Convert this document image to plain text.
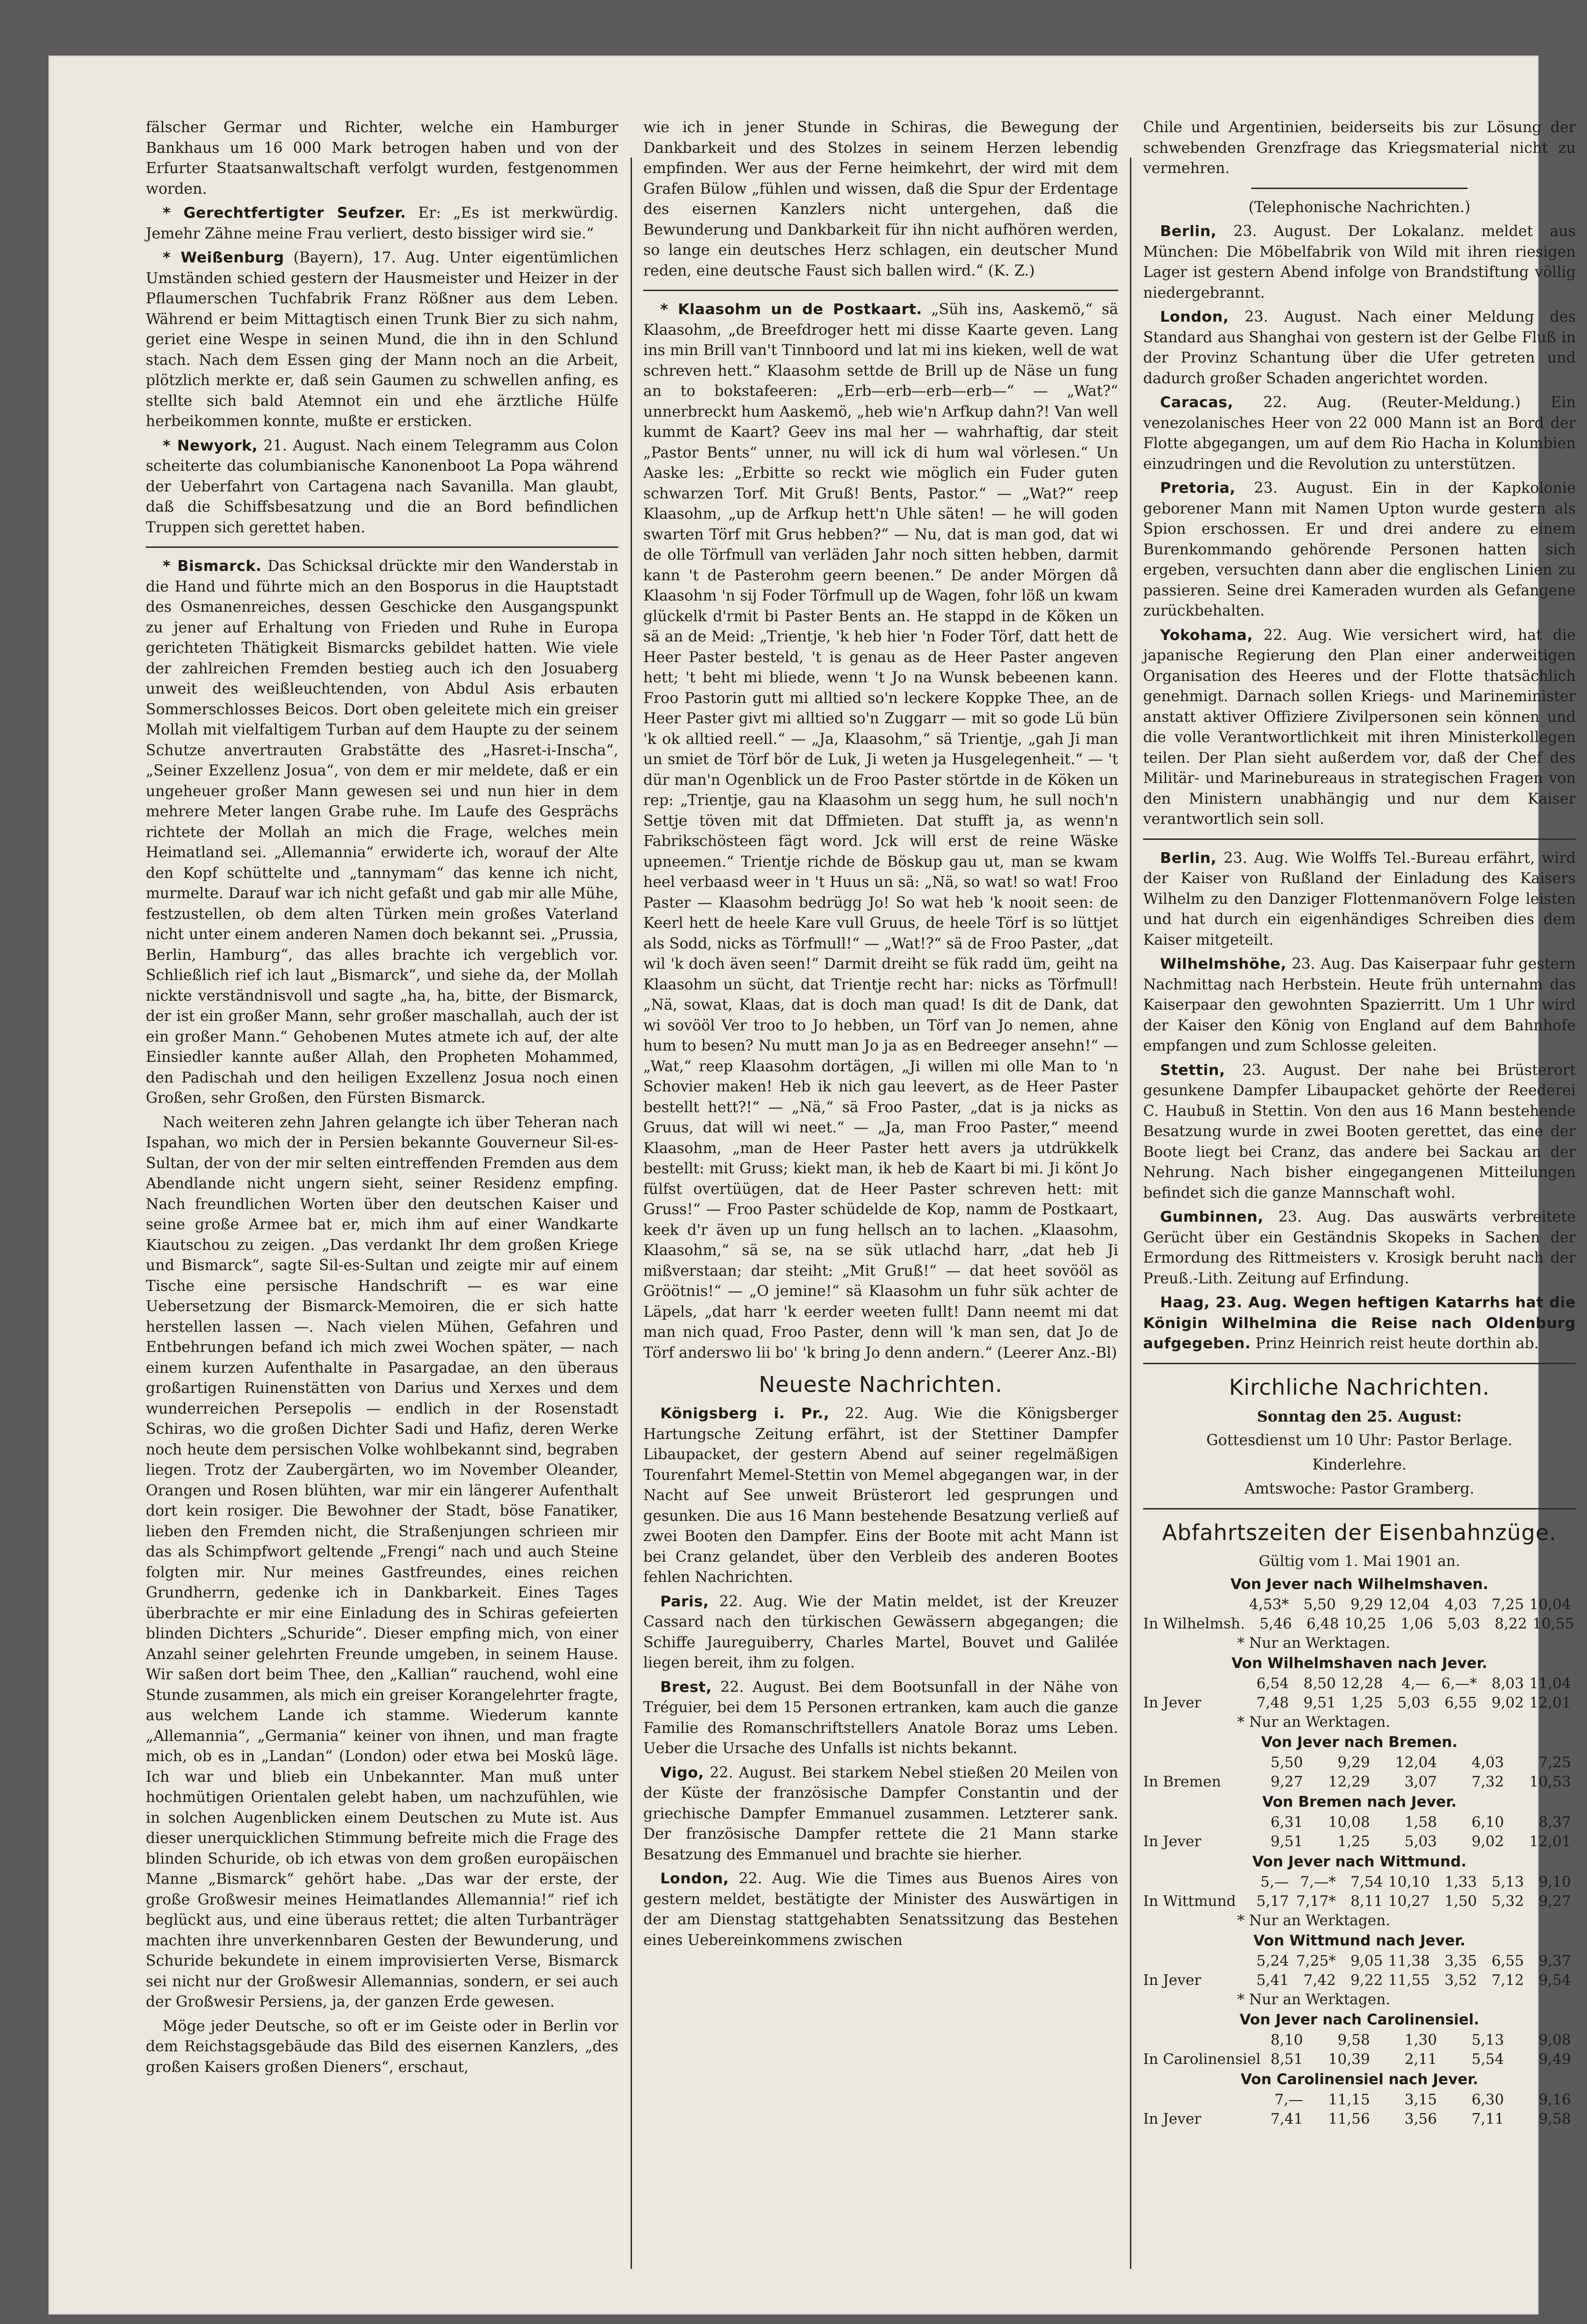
fälscher Germar und Richter, welche ein Hamburger Bankhaus um 16 000 Mark betrogen haben und von der Erfurter Staatsanwaltschaft verfolgt wurden, festgenommen worden.

* Gerechtfertigter Seufzer. Er: „Es ist merkwürdig. Jemehr Zähne meine Frau verliert, desto bissiger wird sie.“

* Weißenburg (Bayern), 17. Aug. Unter eigentümlichen Umständen schied gestern der Hausmeister und Heizer in der Pflaumerschen Tuchfabrik Franz Rößner aus dem Leben. Während er beim Mittagtisch einen Trunk Bier zu sich nahm, geriet eine Wespe in seinen Mund, die ihn in den Schlund stach. Nach dem Essen ging der Mann noch an die Arbeit, plötzlich merkte er, daß sein Gaumen zu schwellen anfing, es stellte sich bald Atemnot ein und ehe ärztliche Hülfe herbeikommen konnte, mußte er ersticken.

* Newyork, 21. August. Nach einem Telegramm aus Colon scheiterte das columbianische Kanonenboot La Popa während der Ueberfahrt von Cartagena nach Savanilla. Man glaubt, daß die Schiffsbesatzung und die an Bord befindlichen Truppen sich gerettet haben.

* Bismarck. Das Schicksal drückte mir den Wanderstab in die Hand und führte mich an den Bosporus in die Hauptstadt des Osmanenreiches, dessen Geschicke den Ausgangspunkt zu jener auf Erhaltung von Frieden und Ruhe in Europa gerichteten Thätigkeit Bismarcks gebildet hatten. Wie viele der zahlreichen Fremden bestieg auch ich den Josuaberg unweit des weißleuchtenden, von Abdul Asis erbauten Sommerschlosses Beicos. Dort oben geleitete mich ein greiser Mollah mit vielfaltigem Turban auf dem Haupte zu der seinem Schutze anvertrauten Grabstätte des „Hasret-i-Inscha“, „Seiner Exzellenz Josua“, von dem er mir meldete, daß er ein ungeheuer großer Mann gewesen sei und nun hier in dem mehrere Meter langen Grabe ruhe. Im Laufe des Gesprächs richtete der Mollah an mich die Frage, welches mein Heimatland sei. „Allemannia“ erwiderte ich, worauf der Alte den Kopf schüttelte und „tannymam“ das kenne ich nicht, murmelte. Darauf war ich nicht gefaßt und gab mir alle Mühe, festzustellen, ob dem alten Türken mein großes Vaterland nicht unter einem anderen Namen doch bekannt sei. „Prussia, Berlin, Hamburg“, das alles brachte ich vergeblich vor. Schließlich rief ich laut „Bismarck“, und siehe da, der Mollah nickte verständnisvoll und sagte „ha, ha, bitte, der Bismarck, der ist ein großer Mann, sehr großer maschallah, auch der ist ein großer Mann.“ Gehobenen Mutes atmete ich auf, der alte Einsiedler kannte außer Allah, den Propheten Mohammed, den Padischah und den heiligen Exzellenz Josua noch einen Großen, sehr Großen, den Fürsten Bismarck.

Nach weiteren zehn Jahren gelangte ich über Teheran nach Ispahan, wo mich der in Persien bekannte Gouverneur Sil-es-Sultan, der von der mir selten eintreffenden Fremden aus dem Abendlande nicht ungern sieht, seiner Residenz empfing. Nach freundlichen Worten über den deutschen Kaiser und seine große Armee bat er, mich ihm auf einer Wandkarte Kiautschou zu zeigen. „Das verdankt Ihr dem großen Kriege und Bismarck“, sagte Sil-es-Sultan und zeigte mir auf einem Tische eine persische Handschrift — es war eine Uebersetzung der Bismarck-Memoiren, die er sich hatte herstellen lassen —. Nach vielen Mühen, Gefahren und Entbehrungen befand ich mich zwei Wochen später, — nach einem kurzen Aufenthalte in Pasargadae, an den überaus großartigen Ruinenstätten von Darius und Xerxes und dem wunderreichen Persepolis — endlich in der Rosenstadt Schiras, wo die großen Dichter Sadi und Hafiz, deren Werke noch heute dem persischen Volke wohlbekannt sind, begraben liegen. Trotz der Zaubergärten, wo im November Oleander, Orangen und Rosen blühten, war mir ein längerer Aufenthalt dort kein rosiger. Die Bewohner der Stadt, böse Fanatiker, lieben den Fremden nicht, die Straßenjungen schrieen mir das als Schimpfwort geltende „Frengi“ nach und auch Steine folgten mir. Nur meines Gastfreundes, eines reichen Grundherrn, gedenke ich in Dankbarkeit. Eines Tages überbrachte er mir eine Einladung des in Schiras gefeierten blinden Dichters „Schuride“. Dieser empfing mich, von einer Anzahl seiner gelehrten Freunde umgeben, in seinem Hause. Wir saßen dort beim Thee, den „Kallian“ rauchend, wohl eine Stunde zusammen, als mich ein greiser Korangelehrter fragte, aus welchem Lande ich stamme. Wiederum kannte „Allemannia“, „Germania“ keiner von ihnen, und man fragte mich, ob es in „Landan“ (London) oder etwa bei Moskû läge. Ich war und blieb ein Unbekannter. Man muß unter hochmütigen Orientalen gelebt haben, um nachzufühlen, wie in solchen Augenblicken einem Deutschen zu Mute ist. Aus dieser unerquicklichen Stimmung befreite mich die Frage des blinden Schuride, ob ich etwas von dem großen europäischen Manne „Bismarck“ gehört habe. „Das war der erste, der große Großwesir meines Heimatlandes Allemannia!“ rief ich beglückt aus, und eine überaus rettet; die alten Turbanträger machten ihre unverkennbaren Gesten der Bewunderung, und Schuride bekundete in einem improvisierten Verse, Bismarck sei nicht nur der Großwesir Allemannias, sondern, er sei auch der Großwesir Persiens, ja, der ganzen Erde gewesen.

Möge jeder Deutsche, so oft er im Geiste oder in Berlin vor dem Reichstagsgebäude das Bild des eisernen Kanzlers, „des großen Kaisers großen Dieners“, erschaut,

wie ich in jener Stunde in Schiras, die Bewegung der Dankbarkeit und des Stolzes in seinem Herzen lebendig empfinden. Wer aus der Ferne heimkehrt, der wird mit dem Grafen Bülow „fühlen und wissen, daß die Spur der Erdentage des eisernen Kanzlers nicht untergehen, daß die Bewunderung und Dankbarkeit für ihn nicht aufhören werden, so lange ein deutsches Herz schlagen, ein deutscher Mund reden, eine deutsche Faust sich ballen wird.“ (K. Z.)

* Klaasohm un de Postkaart. „Süh ins, Aaskemö,“ sä Klaasohm, „de Breefdroger hett mi disse Kaarte geven. Lang ins min Brill van't Tinnboord und lat mi ins kieken, well de wat schreven hett.“ Klaasohm settde de Brill up de Näse un fung an to bokstafeeren: „Erb—erb—erb—erb—“ — „Wat?“ unnerbreckt hum Aaskemö, „heb wie'n Arfkup dahn?! Van well kummt de Kaart? Geev ins mal her — wahrhaftig, dar steit „Pastor Bents“ unner, nu will ick di hum wal vörlesen.“ Un Aaske les: „Erbitte so reckt wie möglich ein Fuder guten schwarzen Torf. Mit Gruß! Bents, Pastor.“ — „Wat?“ reep Klaasohm, „up de Arfkup hett'n Uhle säten! — he will goden swarten Törf mit Grus hebben?“ — Nu, dat is man god, dat wi de olle Törfmull van verläden Jahr noch sitten hebben, darmit kann 't de Pasterohm geern beenen.“ De ander Mörgen då Klaasohm 'n sij Foder Törfmull up de Wagen, fohr löß un kwam glückelk d'rmit bi Paster Bents an. He stappd in de Köken un sä an de Meid: „Trientje, 'k heb hier 'n Foder Törf, datt hett de Heer Paster besteld, 't is genau as de Heer Paster angeven hett; 't beht mi bliede, wenn 't Jo na Wunsk bebeenen kann. Froo Pastorin gutt mi alltied so'n leckere Koppke Thee, an de Heer Paster givt mi alltied so'n Zuggarr — mit so gode Lü bün 'k ok alltied reell.“ — „Ja, Klaasohm,“ sä Trientje, „gah Ji man un smiet de Törf bör de Luk, Ji weten ja Husgelegenheit.“ — 't dür man'n Ogenblick un de Froo Paster störtde in de Köken un rep: „Trientje, gau na Klaasohm un segg hum, he sull noch'n Settje töven mit dat Dffmieten. Dat stufft ja, as wenn'n Fabrikschösteen fägt word. Jck will erst de reine Wäske upneemen.“ Trientje richde de Böskup gau ut, man se kwam heel verbaasd weer in 't Huus un sä: „Nä, so wat! so wat! Froo Paster — Klaasohm bedrügg Jo! So wat heb 'k nooit seen: de Keerl hett de heele Kare vull Gruus, de heele Törf is so lüttjet als Sodd, nicks as Törfmull!“ — „Wat!?“ sä de Froo Paster, „dat wil 'k doch även seen!“ Darmit dreiht se fük radd üm, geiht na Klaasohm un sücht, dat Trientje recht har: nicks as Törfmull! „Nä, sowat, Klaas, dat is doch man quad! Is dit de Dank, dat wi sovööl Ver troo to Jo hebben, un Törf van Jo nemen, ahne hum to besen? Nu mutt man Jo ja as en Bedreeger ansehn!“ — „Wat,“ reep Klaasohm dortägen, „Ji willen mi olle Man to 'n Schovier maken! Heb ik nich gau leevert, as de Heer Paster bestellt hett?!“ — „Nä,“ sä Froo Paster, „dat is ja nicks as Gruus, dat will wi neet.“ — „Ja, man Froo Paster,“ meend Klaasohm, „man de Heer Paster hett avers ja utdrükkelk bestellt: mit Gruss; kiekt man, ik heb de Kaart bi mi. Ji könt Jo fülfst overtüügen, dat de Heer Paster schreven hett: mit Gruss!“ — Froo Paster schüdelde de Kop, namm de Postkaart, keek d'r även up un fung hellsch an to lachen. „Klaasohm, Klaasohm,“ sä se, na se sük utlachd harr, „dat heb Ji mißverstaan; dar steiht: „Mit Gruß!“ — dat heet sovööl as Gröötnis!“ — „O jemine!“ sä Klaasohm un fuhr sük achter de Läpels, „dat harr 'k eerder weeten fullt! Dann neemt mi dat man nich quad, Froo Paster, denn will 'k man sen, dat Jo de Törf anderswo lii bo' 'k bring Jo denn andern.“ (Leerer Anz.-Bl)

Neueste Nachrichten.

Königsberg i. Pr., 22. Aug. Wie die Königsberger Hartungsche Zeitung erfährt, ist der Stettiner Dampfer Libaupacket, der gestern Abend auf seiner regelmäßigen Tourenfahrt Memel-Stettin von Memel abgegangen war, in der Nacht auf See unweit Brüsterort led gesprungen und gesunken. Die aus 16 Mann bestehende Besatzung verließ auf zwei Booten den Dampfer. Eins der Boote mit acht Mann ist bei Cranz gelandet, über den Verbleib des anderen Bootes fehlen Nachrichten.

Paris, 22. Aug. Wie der Matin meldet, ist der Kreuzer Cassard nach den türkischen Gewässern abgegangen; die Schiffe Jaureguiberry, Charles Martel, Bouvet und Galilée liegen bereit, ihm zu folgen.

Brest, 22. August. Bei dem Bootsunfall in der Nähe von Tréguier, bei dem 15 Personen ertranken, kam auch die ganze Familie des Romanschriftstellers Anatole Boraz ums Leben. Ueber die Ursache des Unfalls ist nichts bekannt.

Vigo, 22. August. Bei starkem Nebel stießen 20 Meilen von der Küste der französische Dampfer Constantin und der griechische Dampfer Emmanuel zusammen. Letzterer sank. Der französische Dampfer rettete die 21 Mann starke Besatzung des Emmanuel und brachte sie hierher.

London, 22. Aug. Wie die Times aus Buenos Aires von gestern meldet, bestätigte der Minister des Auswärtigen in der am Dienstag stattgehabten Senatssitzung das Bestehen eines Uebereinkommens zwischen

Chile und Argentinien, beiderseits bis zur Lösung der schwebenden Grenzfrage das Kriegsmaterial nicht zu vermehren.

(Telephonische Nachrichten.)

Berlin, 23. August. Der Lokalanz. meldet aus München: Die Möbelfabrik von Wild mit ihren riesigen Lager ist gestern Abend infolge von Brandstiftung völlig niedergebrannt.

London, 23. August. Nach einer Meldung des Standard aus Shanghai von gestern ist der Gelbe Fluß in der Provinz Schantung über die Ufer getreten und dadurch großer Schaden angerichtet worden.

Caracas, 22. Aug. (Reuter-Meldung.) Ein venezolanisches Heer von 22 000 Mann ist an Bord der Flotte abgegangen, um auf dem Rio Hacha in Kolumbien einzudringen und die Revolution zu unterstützen.

Pretoria, 23. August. Ein in der Kapkolonie geborener Mann mit Namen Upton wurde gestern als Spion erschossen. Er und drei andere zu einem Burenkommando gehörende Personen hatten sich ergeben, versuchten dann aber die englischen Linien zu passieren. Seine drei Kameraden wurden als Gefangene zurückbehalten.

Yokohama, 22. Aug. Wie versichert wird, hat die japanische Regierung den Plan einer anderweitigen Organisation des Heeres und der Flotte thatsächlich genehmigt. Darnach sollen Kriegs- und Marineminister anstatt aktiver Offiziere Zivilpersonen sein können und die volle Verantwortlichkeit mit ihren Ministerkollegen teilen. Der Plan sieht außerdem vor, daß der Chef des Militär- und Marinebureaus in strategischen Fragen von den Ministern unabhängig und nur dem Kaiser verantwortlich sein soll.

Berlin, 23. Aug. Wie Wolffs Tel.-Bureau erfährt, wird der Kaiser von Rußland der Einladung des Kaisers Wilhelm zu den Danziger Flottenmanövern Folge leisten und hat durch ein eigenhändiges Schreiben dies dem Kaiser mitgeteilt.

Wilhelmshöhe, 23. Aug. Das Kaiserpaar fuhr gestern Nachmittag nach Herbstein. Heute früh unternahm das Kaiserpaar den gewohnten Spazierritt. Um 1 Uhr wird der Kaiser den König von England auf dem Bahnhofe empfangen und zum Schlosse geleiten.

Stettin, 23. August. Der nahe bei Brüsterort gesunkene Dampfer Libaupacket gehörte der Reederei C. Haubuß in Stettin. Von den aus 16 Mann bestehende Besatzung wurde in zwei Booten gerettet, das eine der Boote liegt bei Cranz, das andere bei Sackau an der Nehrung. Nach bisher eingegangenen Mitteilungen befindet sich die ganze Mannschaft wohl.

Gumbinnen, 23. Aug. Das auswärts verbreitete Gerücht über ein Geständnis Skopeks in Sachen der Ermordung des Rittmeisters v. Krosigk beruht nach der Preuß.-Lith. Zeitung auf Erfindung.

Haag, 23. Aug. Wegen heftigen Katarrhs hat die Königin Wilhelmina die Reise nach Oldenburg aufgegeben. Prinz Heinrich reist heute dorthin ab.

Kirchliche Nachrichten.

Sonntag den 25. August:

Gottesdienst um 10 Uhr: Pastor Berlage.

Kinderlehre.

Amtswoche: Pastor Gramberg.

Abfahrtszeiten der Eisenbahnzüge.

Gültig vom 1. Mai 1901 an.

Von Jever nach Wilhelmshaven.
4,53* 5,50 9,29 12,04 4,03 7,25 10,04
In Wilhelmsh. 5,46 6,48 10,25 1,06 5,03 8,22 10,55
* Nur an Werktagen.
Von Wilhelmshaven nach Jever.
6,54 8,50 12,28	4,— 6,—* 8,03 11,04
In Jever	7,48 9,51 1,25 5,03 6,55 9,02 12,01
* Nur an Werktagen.
Von Jever nach Bremen.
5,50	9,29	12,04	4,03	7,25
In Bremen	9,27	12,29	3,07	7,32	10,53
Von Bremen nach Jever.
6,31	10,08	1,58	6,10	8,37
In Jever	9,51	1,25	5,03	9,02	12,01
Von Jever nach Wittmund.
5,— 7,—* 7,54 10,10 1,33 5,13 9,10
In Wittmund	5,17 7,17* 8,11 10,27 1,50 5,32 9,27
* Nur an Werktagen.
Von Wittmund nach Jever.
5,24 7,25* 9,05 11,38 3,35 6,55 9,37
In Jever	5,41 7,42 9,22 11,55 3,52 7,12 9,54
* Nur an Werktagen.
Von Jever nach Carolinensiel.
8,10	9,58	1,30	5,13	9,08
In Carolinensiel 8,51	10,39	2,11	5,54	9,49
Von Carolinensiel nach Jever.
7,—	11,15	3,15	6,30	9,16
In Jever	7,41	11,56	3,56	7,11	9,58
